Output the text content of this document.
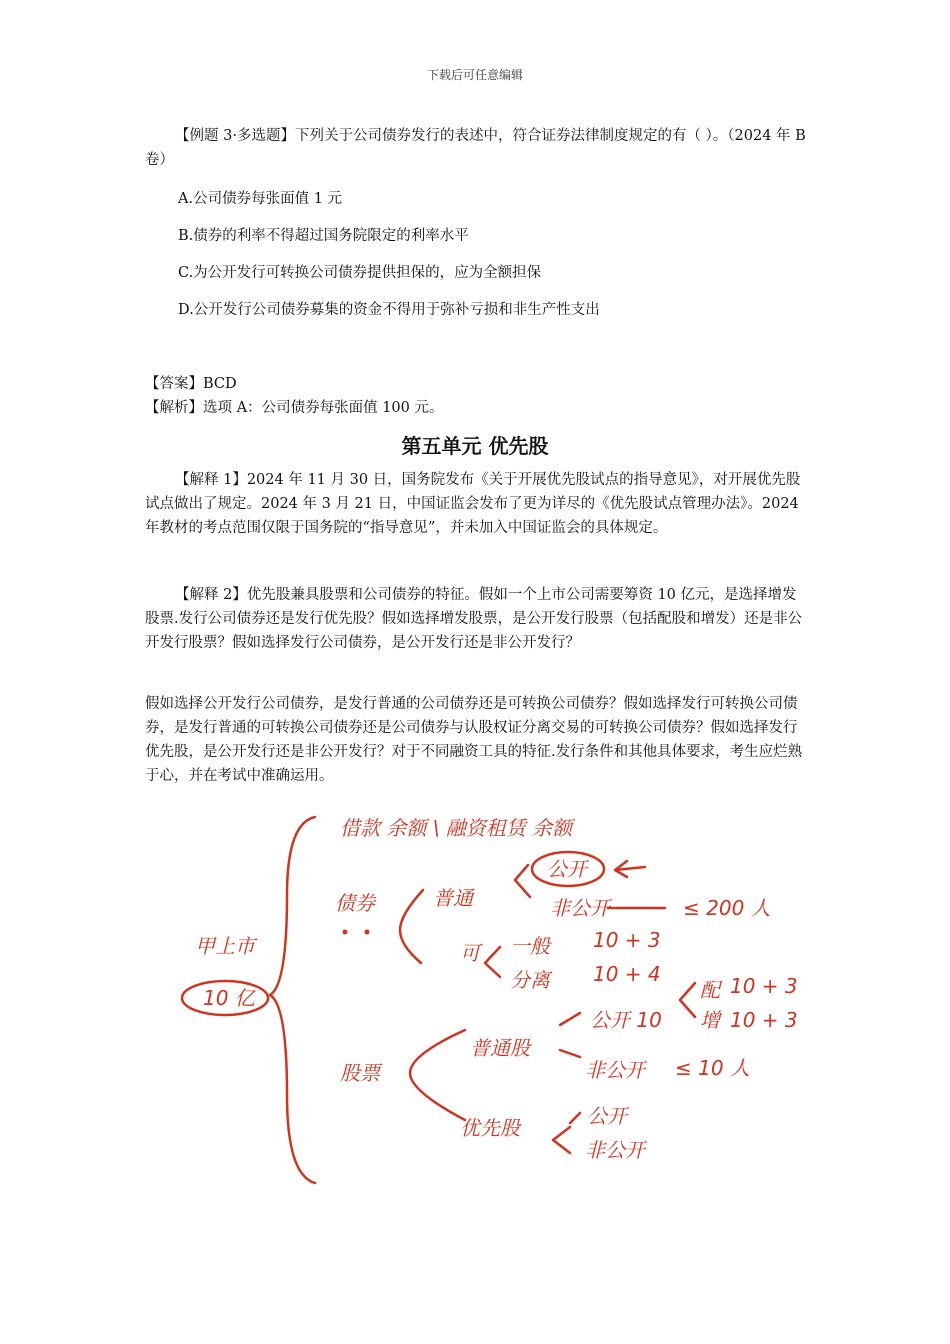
下载后可任意编辑
【例题 3·多选题】下列关于公司债券发行的表述中，符合证券法律制度规定的有（ ）。（2024 年 B 卷）
A.公司债券每张面值 1 元
B.债券的利率不得超过国务院限定的利率水平
C.为公开发行可转换公司债券提供担保的，应为全额担保
D.公开发行公司债券募集的资金不得用于弥补亏损和非生产性支出
【答案】BCD
【解析】选项 A：公司债券每张面值 100 元。
第五单元 优先股
【解释 1】2024 年 11 月 30 日，国务院发布《关于开展优先股试点的指导意见》，对开展优先股试点做出了规定。2024 年 3 月 21 日，中国证监会发布了更为详尽的《优先股试点管理办法》。2024 年教材的考点范围仅限于国务院的“指导意见”，并未加入中国证监会的具体规定。
【解释 2】优先股兼具股票和公司债券的特征。假如一个上市公司需要筹资 10 亿元，是选择增发股票.发行公司债券还是发行优先股？假如选择增发股票，是公开发行股票（包括配股和增发）还是非公开发行股票？假如选择发行公司债券，是公开发行还是非公开发行？
假如选择公开发行公司债券，是发行普通的公司债券还是可转换公司债券？假如选择发行可转换公司债券，是发行普通的可转换公司债券还是公司债券与认股权证分离交易的可转换公司债券？假如选择发行优先股，是公开发行还是非公开发行？对于不同融资工具的特征.发行条件和其他具体要求，考生应烂熟于心，并在考试中准确运用。
借款 余额 \ 融资租赁 余额
甲上市
10 亿
债券	普通
公开
非公开	≤ 200 人
可 一般 10 + 3
分离 10 + 4
股票
普通股
公开 10
配 10 + 3
增 10 + 3
非公开 ≤ 10 人
优先股	公开
非公开
